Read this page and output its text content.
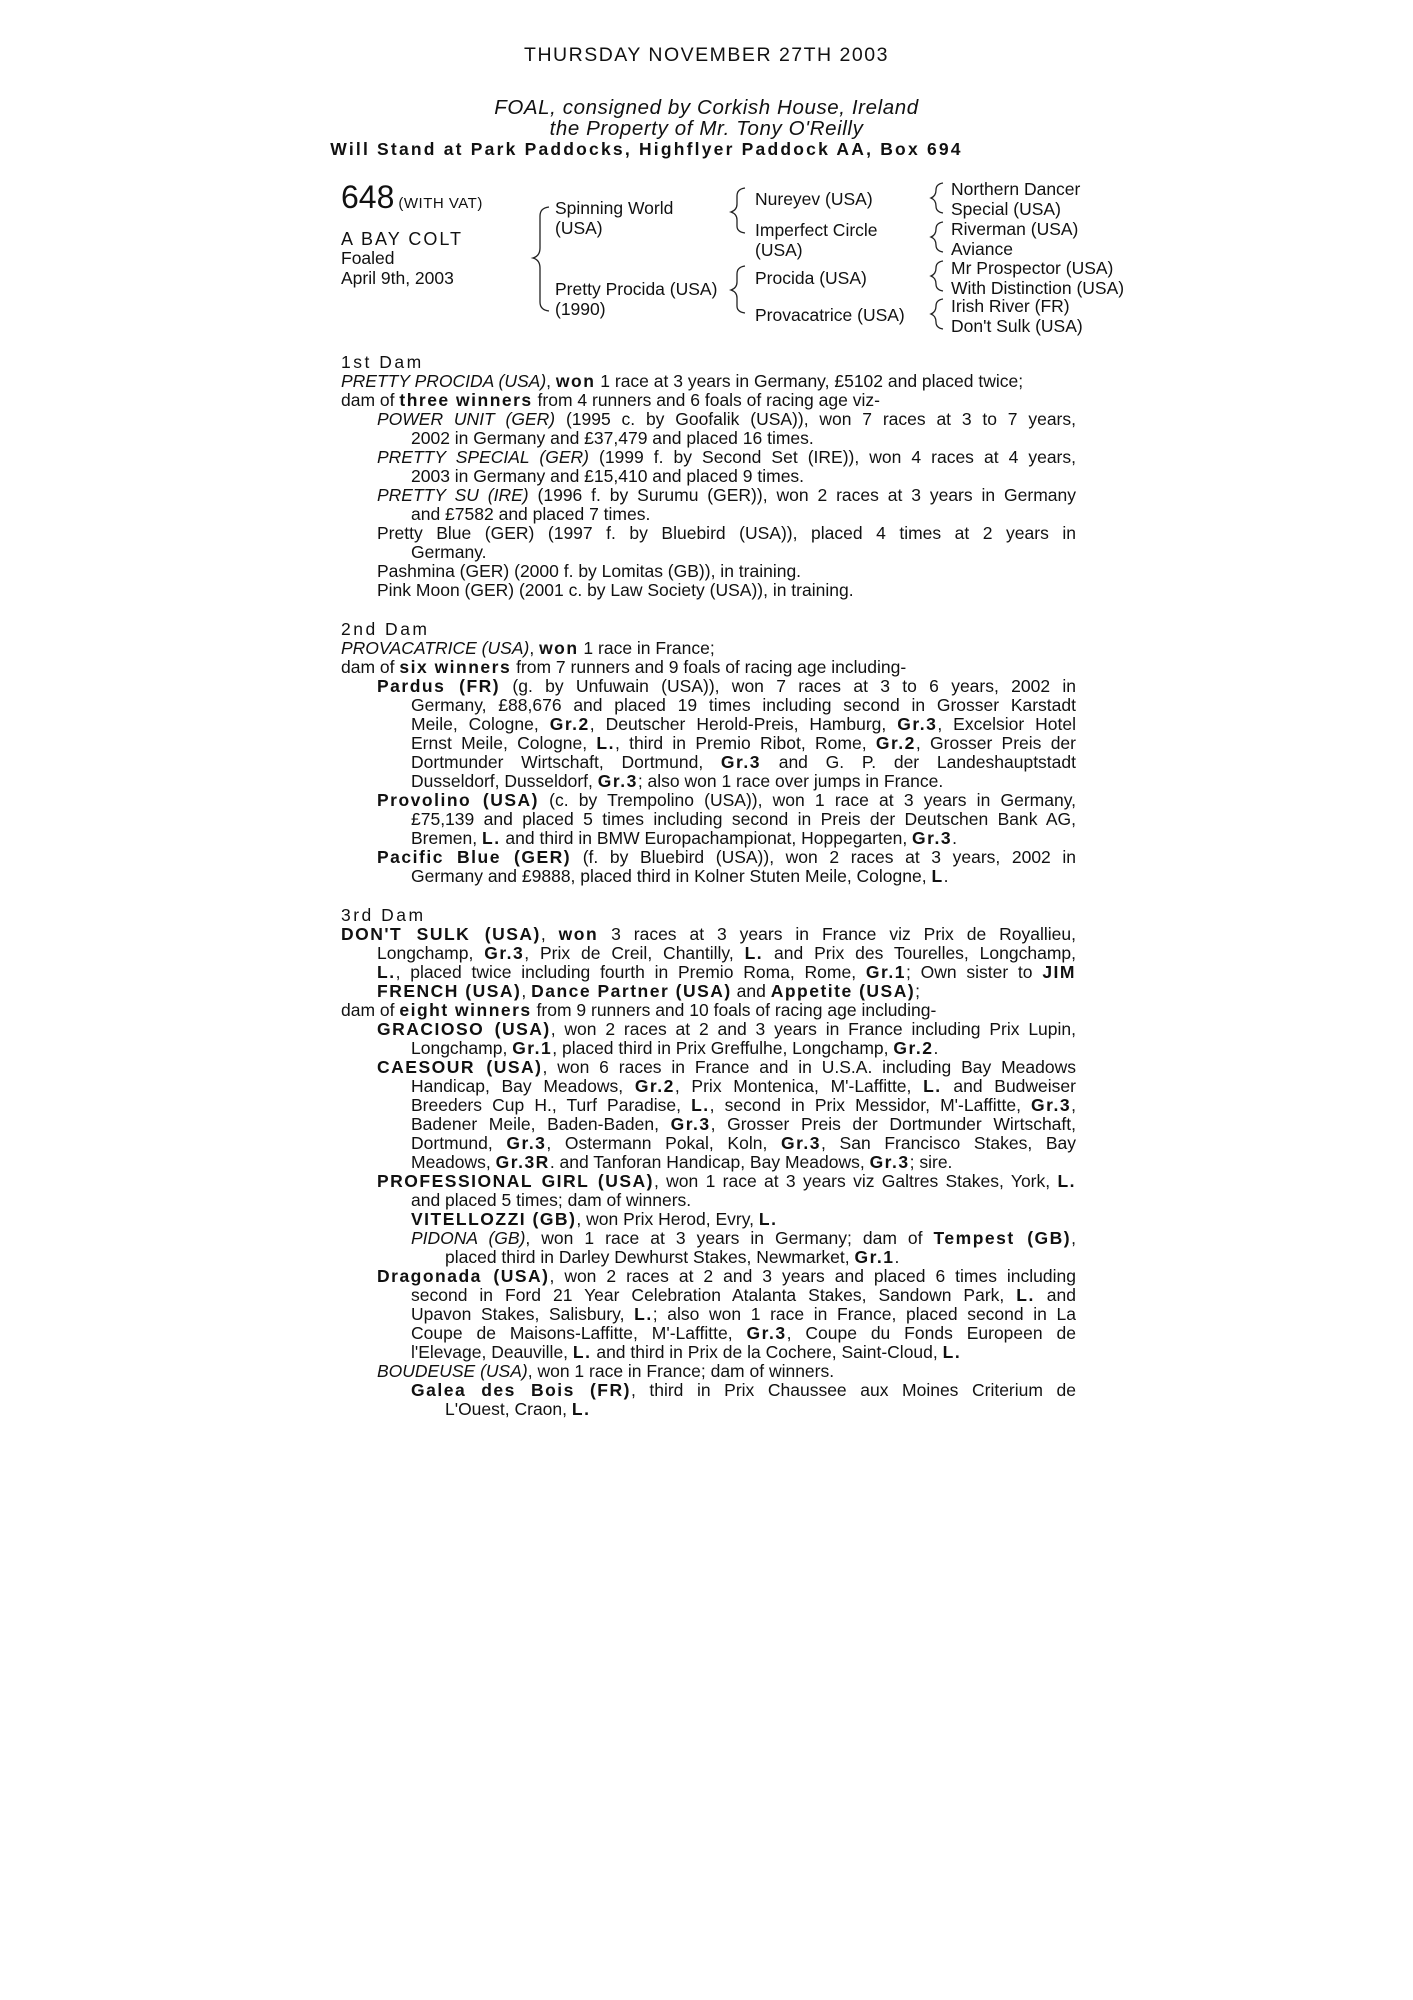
THURSDAY NOVEMBER 27TH 2003
FOAL, consigned by Corkish House, Ireland
the Property of Mr. Tony O'Reilly
Will Stand at Park Paddocks, Highflyer Paddock AA, Box 694
648 (WITH VAT)
A BAY COLT
Foaled
April 9th, 2003
Spinning World
(USA)
Pretty Procida (USA)
(1990)
Nureyev (USA)
Imperfect Circle
(USA)
Procida (USA)
Provacatrice (USA)
Northern Dancer
Special (USA)
Riverman (USA)
Aviance
Mr Prospector (USA)
With Distinction (USA)
Irish River (FR)
Don't Sulk (USA)
1st Dam
PRETTY PROCIDA (USA), won 1 race at 3 years in Germany, £5102 and placed twice;
dam of three winners from 4 runners and 6 foals of racing age viz-
POWER UNIT (GER) (1995 c. by Goofalik (USA)), won 7 races at 3 to 7 years,
2002 in Germany and £37,479 and placed 16 times.
PRETTY SPECIAL (GER) (1999 f. by Second Set (IRE)), won 4 races at 4 years,
2003 in Germany and £15,410 and placed 9 times.
PRETTY SU (IRE) (1996 f. by Surumu (GER)), won 2 races at 3 years in Germany
and £7582 and placed 7 times.
Pretty Blue (GER) (1997 f. by Bluebird (USA)), placed 4 times at 2 years in
Germany.
Pashmina (GER) (2000 f. by Lomitas (GB)), in training.
Pink Moon (GER) (2001 c. by Law Society (USA)), in training.
2nd Dam
PROVACATRICE (USA), won 1 race in France;
dam of six winners from 7 runners and 9 foals of racing age including-
Pardus (FR) (g. by Unfuwain (USA)), won 7 races at 3 to 6 years, 2002 in
Germany, £88,676 and placed 19 times including second in Grosser Karstadt
Meile, Cologne, Gr.2, Deutscher Herold-Preis, Hamburg, Gr.3, Excelsior Hotel
Ernst Meile, Cologne, L., third in Premio Ribot, Rome, Gr.2, Grosser Preis der
Dortmunder Wirtschaft, Dortmund, Gr.3 and G. P. der Landeshauptstadt
Dusseldorf, Dusseldorf, Gr.3; also won 1 race over jumps in France.
Provolino (USA) (c. by Trempolino (USA)), won 1 race at 3 years in Germany,
£75,139 and placed 5 times including second in Preis der Deutschen Bank AG,
Bremen, L. and third in BMW Europachampionat, Hoppegarten, Gr.3.
Pacific Blue (GER) (f. by Bluebird (USA)), won 2 races at 3 years, 2002 in
Germany and £9888, placed third in Kolner Stuten Meile, Cologne, L.
3rd Dam
DON'T SULK (USA), won 3 races at 3 years in France viz Prix de Royallieu,
Longchamp, Gr.3, Prix de Creil, Chantilly, L. and Prix des Tourelles, Longchamp,
L., placed twice including fourth in Premio Roma, Rome, Gr.1; Own sister to JIM
FRENCH (USA), Dance Partner (USA) and Appetite (USA);
dam of eight winners from 9 runners and 10 foals of racing age including-
GRACIOSO (USA), won 2 races at 2 and 3 years in France including Prix Lupin,
Longchamp, Gr.1, placed third in Prix Greffulhe, Longchamp, Gr.2.
CAESOUR (USA), won 6 races in France and in U.S.A. including Bay Meadows
Handicap, Bay Meadows, Gr.2, Prix Montenica, M'-Laffitte, L. and Budweiser
Breeders Cup H., Turf Paradise, L., second in Prix Messidor, M'-Laffitte, Gr.3,
Badener Meile, Baden-Baden, Gr.3, Grosser Preis der Dortmunder Wirtschaft,
Dortmund, Gr.3, Ostermann Pokal, Koln, Gr.3, San Francisco Stakes, Bay
Meadows, Gr.3R. and Tanforan Handicap, Bay Meadows, Gr.3; sire.
PROFESSIONAL GIRL (USA), won 1 race at 3 years viz Galtres Stakes, York, L.
and placed 5 times; dam of winners.
VITELLOZZI (GB), won Prix Herod, Evry, L.
PIDONA (GB), won 1 race at 3 years in Germany; dam of Tempest (GB),
placed third in Darley Dewhurst Stakes, Newmarket, Gr.1.
Dragonada (USA), won 2 races at 2 and 3 years and placed 6 times including
second in Ford 21 Year Celebration Atalanta Stakes, Sandown Park, L. and
Upavon Stakes, Salisbury, L.; also won 1 race in France, placed second in La
Coupe de Maisons-Laffitte, M'-Laffitte, Gr.3, Coupe du Fonds Europeen de
l'Elevage, Deauville, L. and third in Prix de la Cochere, Saint-Cloud, L.
BOUDEUSE (USA), won 1 race in France; dam of winners.
Galea des Bois (FR), third in Prix Chaussee aux Moines Criterium de
L'Ouest, Craon, L.
